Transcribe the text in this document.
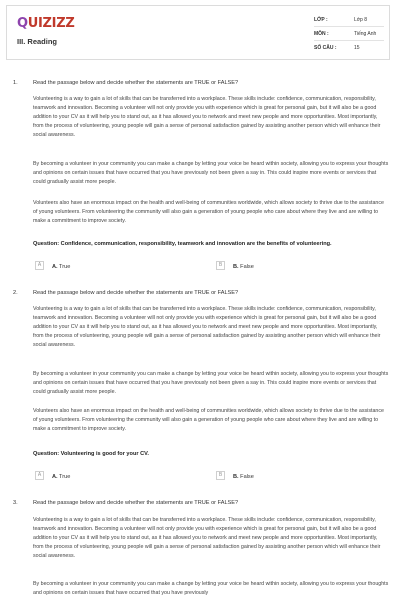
QUIZIZZ
III. Reading
LỚP :	Lớp 8
MÔN :	Tiếng Anh
SỐ CÂU :	15
1.	Read the passage below and decide whether the statements are TRUE or FALSE?

Volunteering is a way to gain a lot of skills that can be transferred into a workplace. These skills include: confidence, communication, responsibility, teamwork and innovation. Becoming a volunteer will not only provide you with experience which is great for personal gain, but it will also be a good addition to your CV as it will help you to stand out, as it has allowed you to network and meet new people and more opportunities. Most importantly, from the process of volunteering, young people will gain a sense of personal satisfaction gained by assisting another person which will enhance their social awareness.

By becoming a volunteer in your community you can make a change by letting your voice be heard within society, allowing you to express your thoughts and opinions on certain issues that have occurred that you have previously not been given a say in. This could inspire more events or services that could gradually assist more people.

Volunteers also have an enormous impact on the health and well-being of communities worldwide, which allows society to thrive due to the assistance of young volunteers. From volunteering the community will also gain a generation of young people who care about where they live and are willing to make a commitment to improve society.

Question: Confidence, communication, responsibility, teamwork and innovation are the benefits of volunteering.
A	A. True	B	B. False
2.	Read the passage below and decide whether the statements are TRUE or FALSE?

Volunteering is a way to gain a lot of skills that can be transferred into a workplace. These skills include: confidence, communication, responsibility, teamwork and innovation. Becoming a volunteer will not only provide you with experience which is great for personal gain, but it will also be a good addition to your CV as it will help you to stand out, as it has allowed you to network and meet new people and more opportunities. Most importantly, from the process of volunteering, young people will gain a sense of personal satisfaction gained by assisting another person which will enhance their social awareness.

By becoming a volunteer in your community you can make a change by letting your voice be heard within society, allowing you to express your thoughts and opinions on certain issues that have occurred that you have previously not been given a say in. This could inspire more events or services that could gradually assist more people.

Volunteers also have an enormous impact on the health and well-being of communities worldwide, which allows society to thrive due to the assistance of young volunteers. From volunteering the community will also gain a generation of young people who care about where they live and are willing to make a commitment to improve society.

Question: Volunteering is good for your CV.
A	A. True	B	B. False
3.	Read the passage below and decide whether the statements are TRUE or FALSE?

Volunteering is a way to gain a lot of skills that can be transferred into a workplace. These skills include: confidence, communication, responsibility, teamwork and innovation. Becoming a volunteer will not only provide you with experience which is great for personal gain, but it will also be a good addition to your CV as it will help you to stand out, as it has allowed you to network and meet new people and more opportunities. Most importantly, from the process of volunteering, young people will gain a sense of personal satisfaction gained by assisting another person which will enhance their social awareness.

By becoming a volunteer in your community you can make a change by letting your voice be heard within society, allowing you to express your thoughts and opinions on certain issues that have occurred that you have previously
